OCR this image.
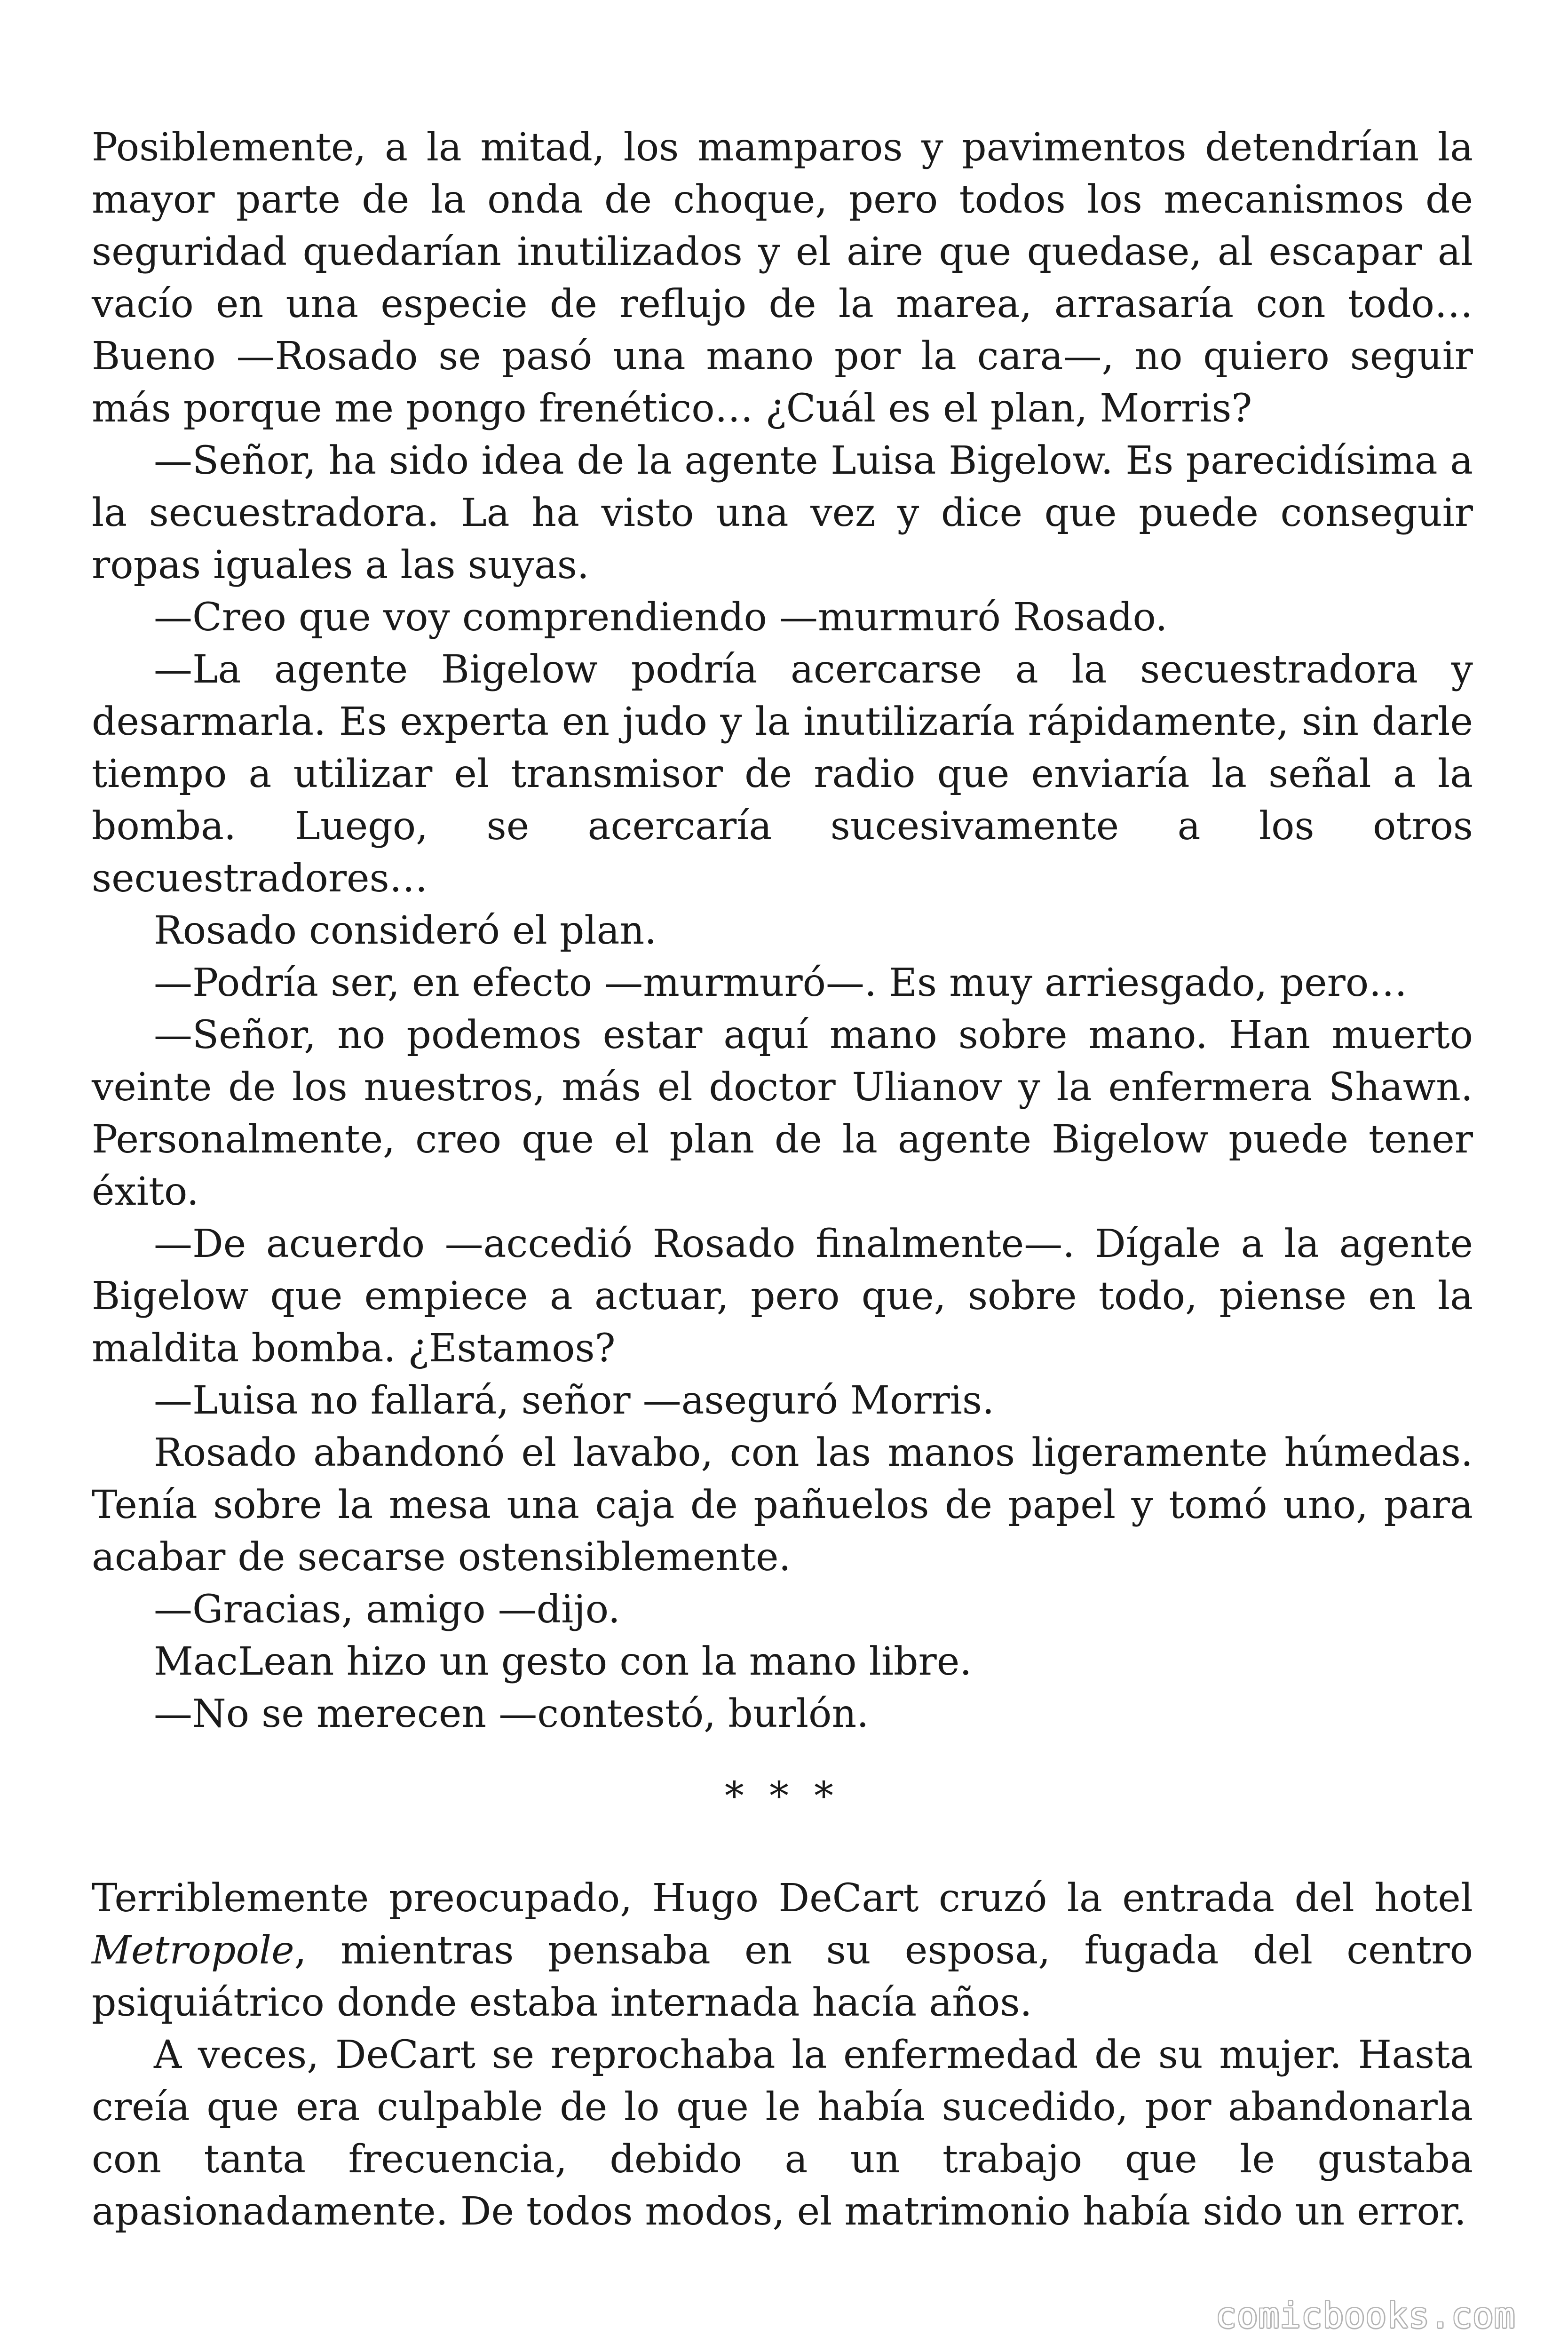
Posiblemente, a la mitad, los mamparos y pavimentos detendrían la mayor parte de la onda de choque, pero todos los mecanismos de seguridad quedarían inutilizados y el aire que quedase, al escapar al vacío en una especie de reflujo de la marea, arrasaría con todo… Bueno —Rosado se pasó una mano por la cara—, no quiero seguir más porque me pongo frenético… ¿Cuál es el plan, Morris?

—Señor, ha sido idea de la agente Luisa Bigelow. Es parecidísima a la secuestradora. La ha visto una vez y dice que puede conseguir ropas iguales a las suyas.

—Creo que voy comprendiendo —murmuró Rosado.

—La agente Bigelow podría acercarse a la secuestradora y desarmarla. Es experta en judo y la inutilizaría rápidamente, sin darle tiempo a utilizar el transmisor de radio que enviaría la señal a la bomba. Luego, se acercaría sucesivamente a los otros secuestradores…

Rosado consideró el plan.

—Podría ser, en efecto —murmuró—. Es muy arriesgado, pero…

—Señor, no podemos estar aquí mano sobre mano. Han muerto veinte de los nuestros, más el doctor Ulianov y la enfermera Shawn. Personalmente, creo que el plan de la agente Bigelow puede tener éxito.

—De acuerdo —accedió Rosado finalmente—. Dígale a la agente Bigelow que empiece a actuar, pero que, sobre todo, piense en la maldita bomba. ¿Estamos?

—Luisa no fallará, señor —aseguró Morris.

Rosado abandonó el lavabo, con las manos ligeramente húmedas. Tenía sobre la mesa una caja de pañuelos de papel y tomó uno, para acabar de secarse ostensiblemente.

—Gracias, amigo —dijo.

MacLean hizo un gesto con la mano libre.

—No se merecen —contestó, burlón.

* * *

Terriblemente preocupado, Hugo DeCart cruzó la entrada del hotel Metropole, mientras pensaba en su esposa, fugada del centro psiquiátrico donde estaba internada hacía años.

A veces, DeCart se reprochaba la enfermedad de su mujer. Hasta creía que era culpable de lo que le había sucedido, por abandonarla con tanta frecuencia, debido a un trabajo que le gustaba apasionadamente. De todos modos, el matrimonio había sido un error.

comicbooks.com
